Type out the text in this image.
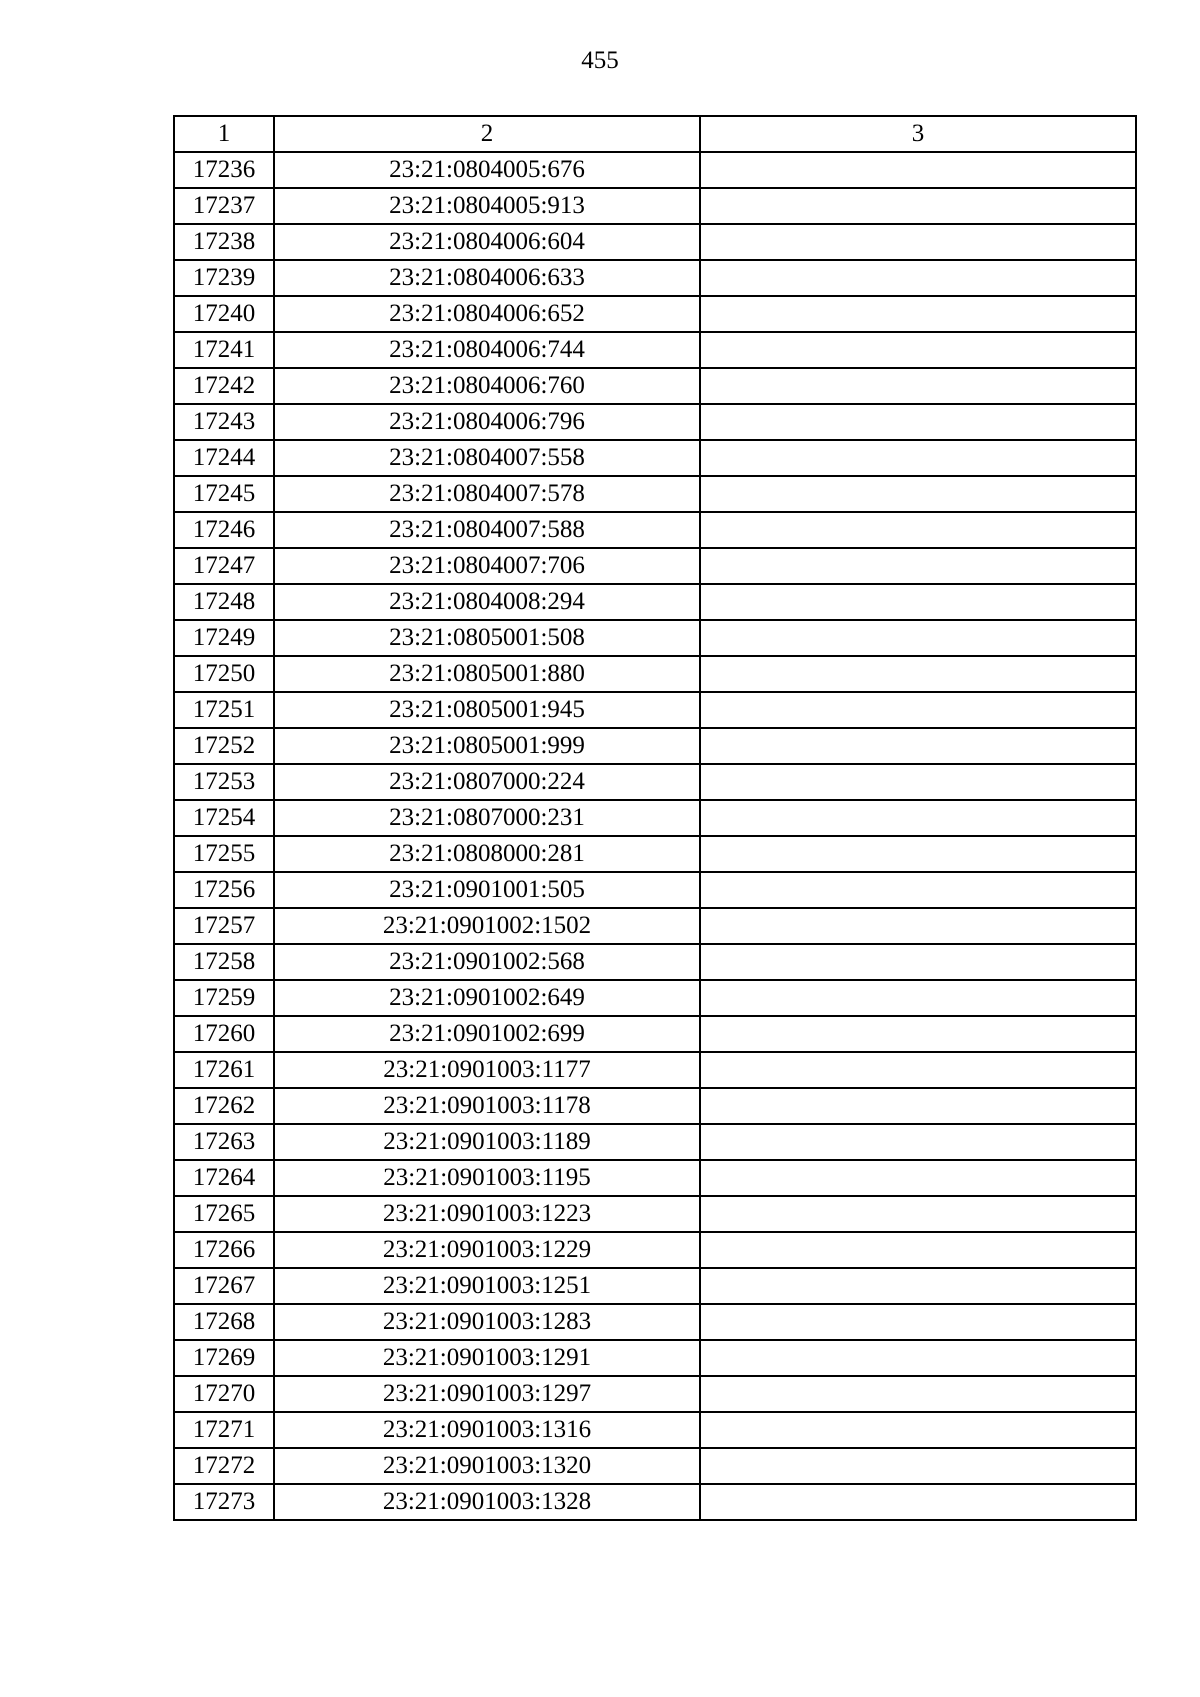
455
1	2	3
17236	23:21:0804005:676	
17237	23:21:0804005:913	
17238	23:21:0804006:604	
17239	23:21:0804006:633	
17240	23:21:0804006:652	
17241	23:21:0804006:744	
17242	23:21:0804006:760	
17243	23:21:0804006:796	
17244	23:21:0804007:558	
17245	23:21:0804007:578	
17246	23:21:0804007:588	
17247	23:21:0804007:706	
17248	23:21:0804008:294	
17249	23:21:0805001:508	
17250	23:21:0805001:880	
17251	23:21:0805001:945	
17252	23:21:0805001:999	
17253	23:21:0807000:224	
17254	23:21:0807000:231	
17255	23:21:0808000:281	
17256	23:21:0901001:505	
17257	23:21:0901002:1502	
17258	23:21:0901002:568	
17259	23:21:0901002:649	
17260	23:21:0901002:699	
17261	23:21:0901003:1177	
17262	23:21:0901003:1178	
17263	23:21:0901003:1189	
17264	23:21:0901003:1195	
17265	23:21:0901003:1223	
17266	23:21:0901003:1229	
17267	23:21:0901003:1251	
17268	23:21:0901003:1283	
17269	23:21:0901003:1291	
17270	23:21:0901003:1297	
17271	23:21:0901003:1316	
17272	23:21:0901003:1320	
17273	23:21:0901003:1328	
